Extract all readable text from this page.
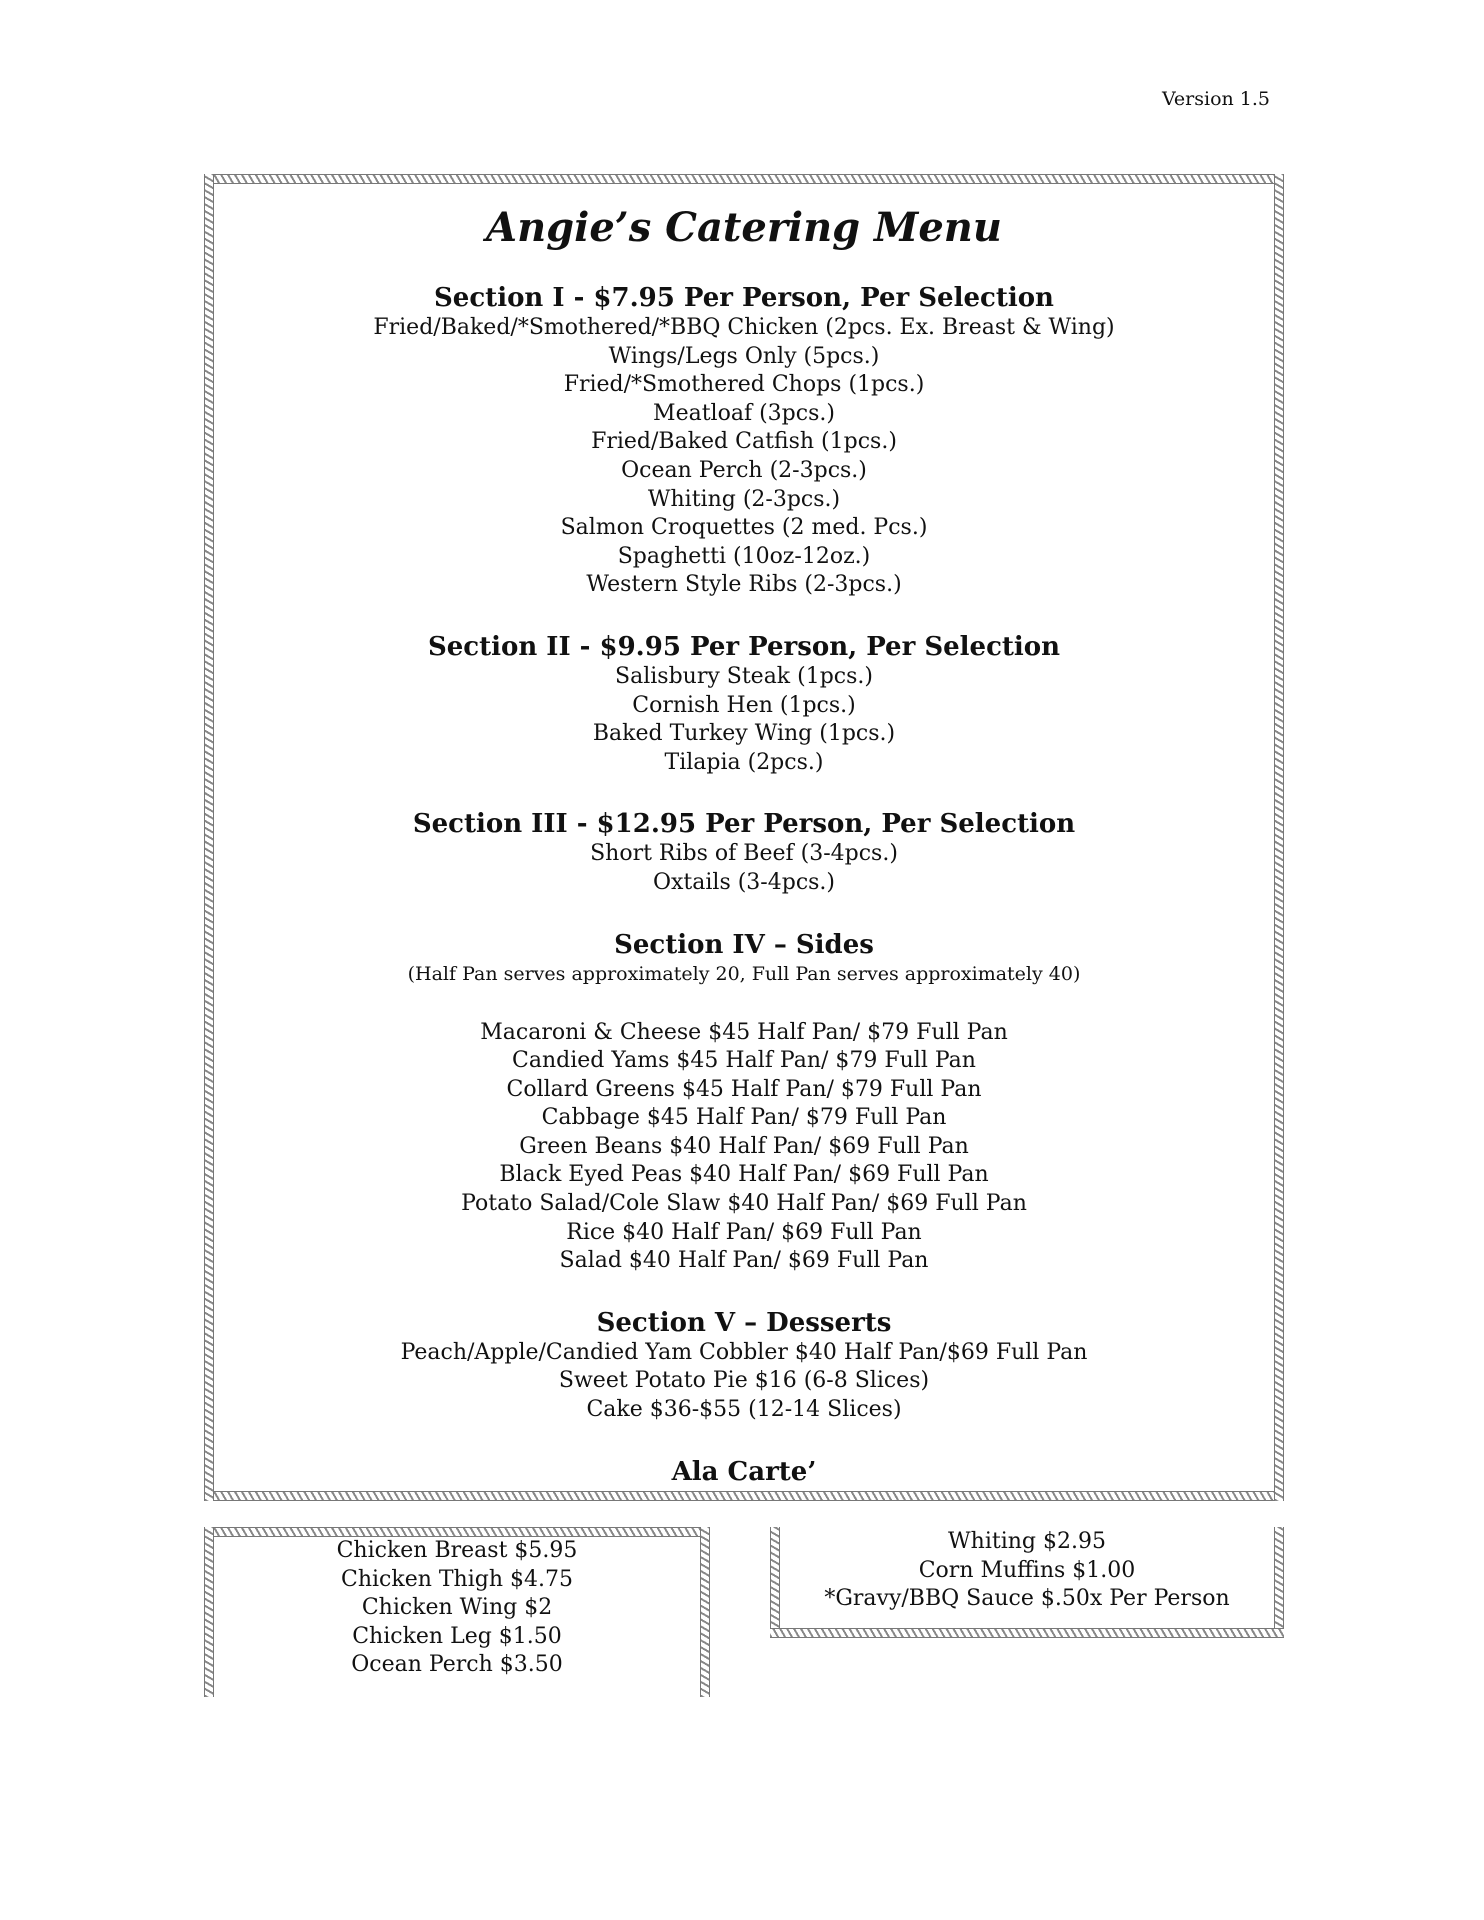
Version 1.5
Angie’s Catering Menu
Section I - $7.95 Per Person, Per Selection
Fried/Baked/*Smothered/*BBQ Chicken (2pcs. Ex. Breast & Wing)
Wings/Legs Only (5pcs.)
Fried/*Smothered Chops (1pcs.)
Meatloaf (3pcs.)
Fried/Baked Catfish (1pcs.)
Ocean Perch (2-3pcs.)
Whiting (2-3pcs.)
Salmon Croquettes (2 med. Pcs.)
Spaghetti (10oz-12oz.)
Western Style Ribs (2-3pcs.)
Section II - $9.95 Per Person, Per Selection
Salisbury Steak (1pcs.)
Cornish Hen (1pcs.)
Baked Turkey Wing (1pcs.)
Tilapia (2pcs.)
Section III - $12.95 Per Person, Per Selection
Short Ribs of Beef (3-4pcs.)
Oxtails (3-4pcs.)
Section IV – Sides
(Half Pan serves approximately 20, Full Pan serves approximately 40)
Macaroni & Cheese $45 Half Pan/ $79 Full Pan
Candied Yams $45 Half Pan/ $79 Full Pan
Collard Greens $45 Half Pan/ $79 Full Pan
Cabbage $45 Half Pan/ $79 Full Pan
Green Beans $40 Half Pan/ $69 Full Pan
Black Eyed Peas $40 Half Pan/ $69 Full Pan
Potato Salad/Cole Slaw $40 Half Pan/ $69 Full Pan
Rice $40 Half Pan/ $69 Full Pan
Salad $40 Half Pan/ $69 Full Pan
Section V – Desserts
Peach/Apple/Candied Yam Cobbler $40 Half Pan/$69 Full Pan
Sweet Potato Pie $16 (6-8 Slices)
Cake $36-$55 (12-14 Slices)
Ala Carte’
Chicken Breast $5.95
Chicken Thigh $4.75
Chicken Wing $2
Chicken Leg $1.50
Ocean Perch $3.50
Whiting $2.95
Corn Muffins $1.00
*Gravy/BBQ Sauce $.50x Per Person
